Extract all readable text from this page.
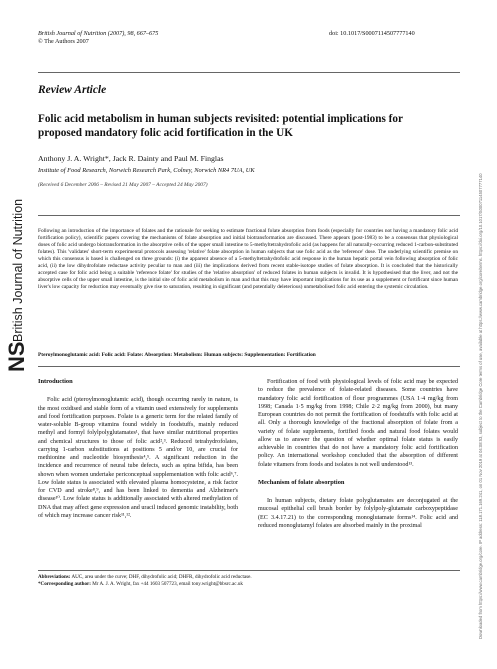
British Journal of Nutrition (2007), 98, 667–675
© The Authors 2007
doi: 10.1017/S0007114507777140
Review Article
Folic acid metabolism in human subjects revisited: potential implications for proposed mandatory folic acid fortification in the UK
Anthony J. A. Wright*, Jack R. Dainty and Paul M. Finglas
Institute of Food Research, Norwich Research Park, Colney, Norwich NR4 7UA, UK
(Received 6 December 2006 – Revised 21 May 2007 – Accepted 24 May 2007)
Following an introduction of the importance of folates and the rationale for seeking to estimate fractional folate absorption from foods (especially for countries not having a mandatory folic acid fortification policy), scientific papers covering the mechanisms of folate absorption and initial biotransformation are discussed. There appears (post-1983) to be a consensus that physiological doses of folic acid undergo biotransformation in the absorptive cells of the upper small intestine to 5-methyltetrahydrofolic acid (as happens for all naturally-occurring reduced 1-carbon-substituted folates). This 'validates' short-term experimental protocols assessing 'relative' folate absorption in human subjects that use folic acid as the 'reference' dose. The underlying scientific premise on which this consensus is based is challenged on three grounds: (i) the apparent absence of a 5-methyltetrahydrofolic acid response in the human hepatic portal vein following absorption of folic acid, (ii) the low dihydrofolate reductase activity peculiar to man and (iii) the implications derived from recent stable-isotope studies of folate absorption. It is concluded that the historically accepted case for folic acid being a suitable 'reference folate' for studies of the 'relative absorption' of reduced folates in human subjects is invalid. It is hypothesised that the liver, and not the absorptive cells of the upper small intestine, is the initial site of folic acid metabolism in man and that this may have important implications for its use as a supplement or fortificant since human liver's low capacity for reduction may eventually give rise to saturation, resulting in significant (and potentially deleterious) unmetabolised folic acid entering the systemic circulation.
Pteroylmonoglutamic acid: Folic acid: Folate: Absorption: Metabolism: Human subjects: Supplementation: Fortification
Introduction
Folic acid (pteroylmonoglutamic acid), though occurring rarely in nature, is the most oxidised and stable form of a vitamin used extensively for supplements and food fortification purposes. Folate is a generic term for the related family of water-soluble B-group vitamins found widely in foodstuffs, mainly reduced methyl and formyl folylpolyglutamates¹, that have similar nutritional properties and chemical structures to those of folic acid²,³. Reduced tetrahydrofolates, carrying 1-carbon substitutions at positions 5 and/or 10, are crucial for methionine and nucleotide biosynthesis⁴,⁵. A significant reduction in the incidence and recurrence of neural tube defects, such as spina bifida, has been shown when women undertake periconceptual supplementation with folic acid⁶,⁷. Low folate status is associated with elevated plasma homocysteine, a risk factor for CVD and stroke⁸,⁹, and has been linked to dementia and Alzheimer's disease¹⁰. Low folate status is additionally associated with altered methylation of DNA that may affect gene expression and uracil induced genomic instability, both of which may increase cancer risk¹¹,¹².
Fortification of food with physiological levels of folic acid may be expected to reduce the prevalence of folate-related diseases. Some countries have mandatory folic acid fortification of flour programmes (USA 1·4 mg/kg from 1998; Canada 1·5 mg/kg from 1998; Chile 2·2 mg/kg from 2000), but many European countries do not permit the fortification of foodstuffs with folic acid at all. Only a thorough knowledge of the fractional absorption of folate from a variety of folate supplements, fortified foods and natural food folates would allow us to answer the question of whether optimal folate status is easily achievable in countries that do not have a mandatory folic acid fortification policy. An international workshop concluded that the absorption of different folate vitamers from foods and isolates is not well understood¹³.
Mechanism of folate absorption
In human subjects, dietary folate polyglutamates are deconjugated at the mucosal epithelial cell brush border by folylpoly-glutamate carboxypeptidase (EC 3.4.17.21) to the corresponding monoglutamate forms¹⁴. Folic acid and reduced monoglutamyl folates are absorbed mainly in the proximal
Abbreviations: AUC, area under the curve; DHF, dihydrofolic acid; DHFR, dihydrofolic acid reductase.
*Corresponding author: Mr A. J. A. Wright, fax +44 1603 507723, email tony.wright@bbsrc.ac.uk
NS
British Journal of Nutrition	Downloaded from https://www.cambridge.org/core. IP address: 118.171.169.241, on 01 Nov 2019 at 04:08:53, subject to the Cambridge Core terms of use, available at https://www.cambridge.org/core/terms. https://doi.org/10.1017/S0007114507777140
